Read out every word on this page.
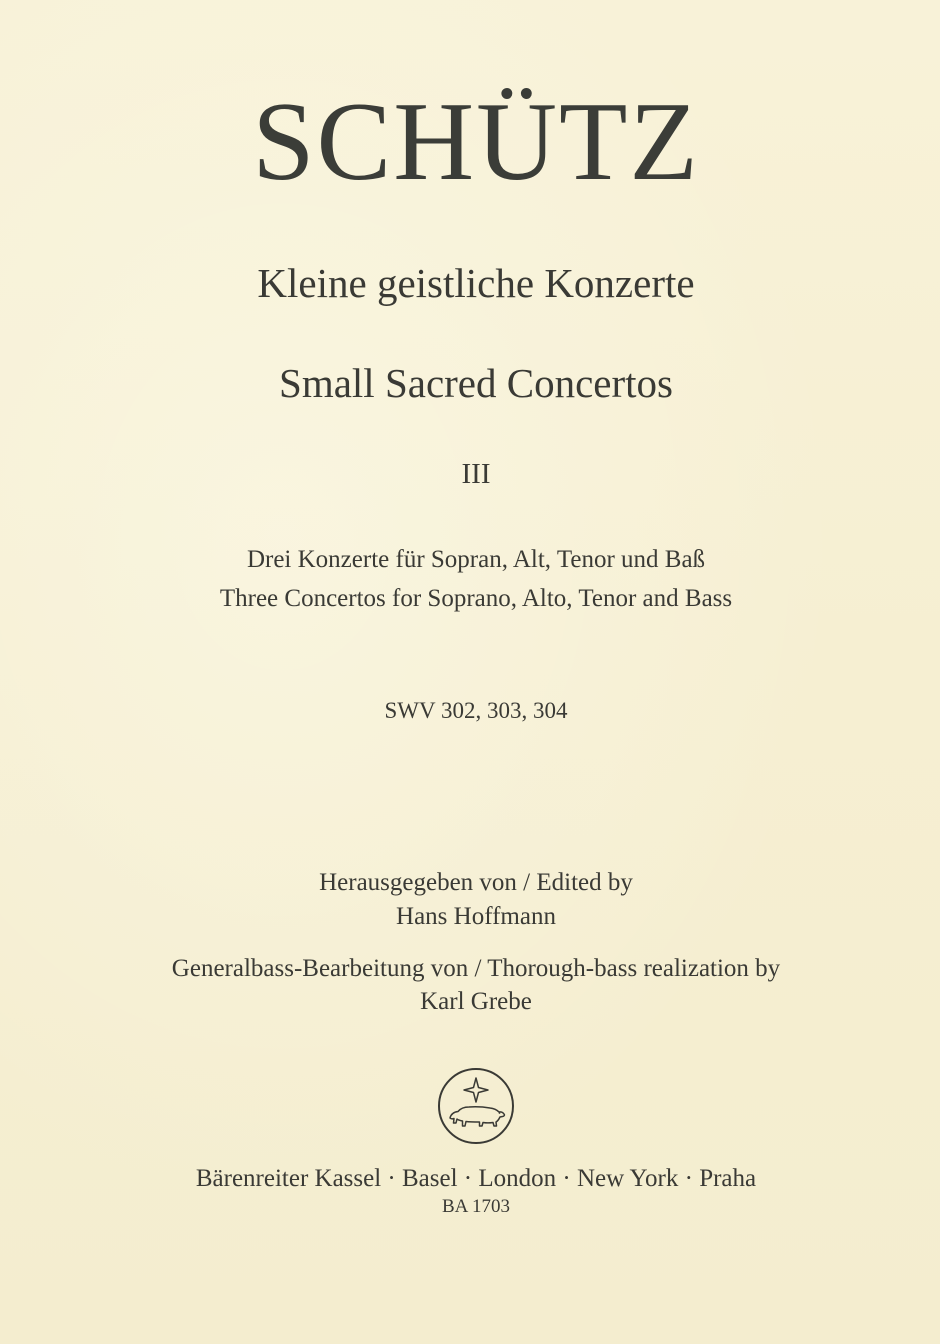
SCHÜTZ
Kleine geistliche Konzerte
Small Sacred Concertos
III
Drei Konzerte für Sopran, Alt, Tenor und Baß
Three Concertos for Soprano, Alto, Tenor and Bass
SWV 302, 303, 304
Herausgegeben von / Edited by
Hans Hoffmann
Generalbass-Bearbeitung von / Thorough-bass realization by
Karl Grebe
Bärenreiter Kassel · Basel · London · New York · Praha
BA 1703
